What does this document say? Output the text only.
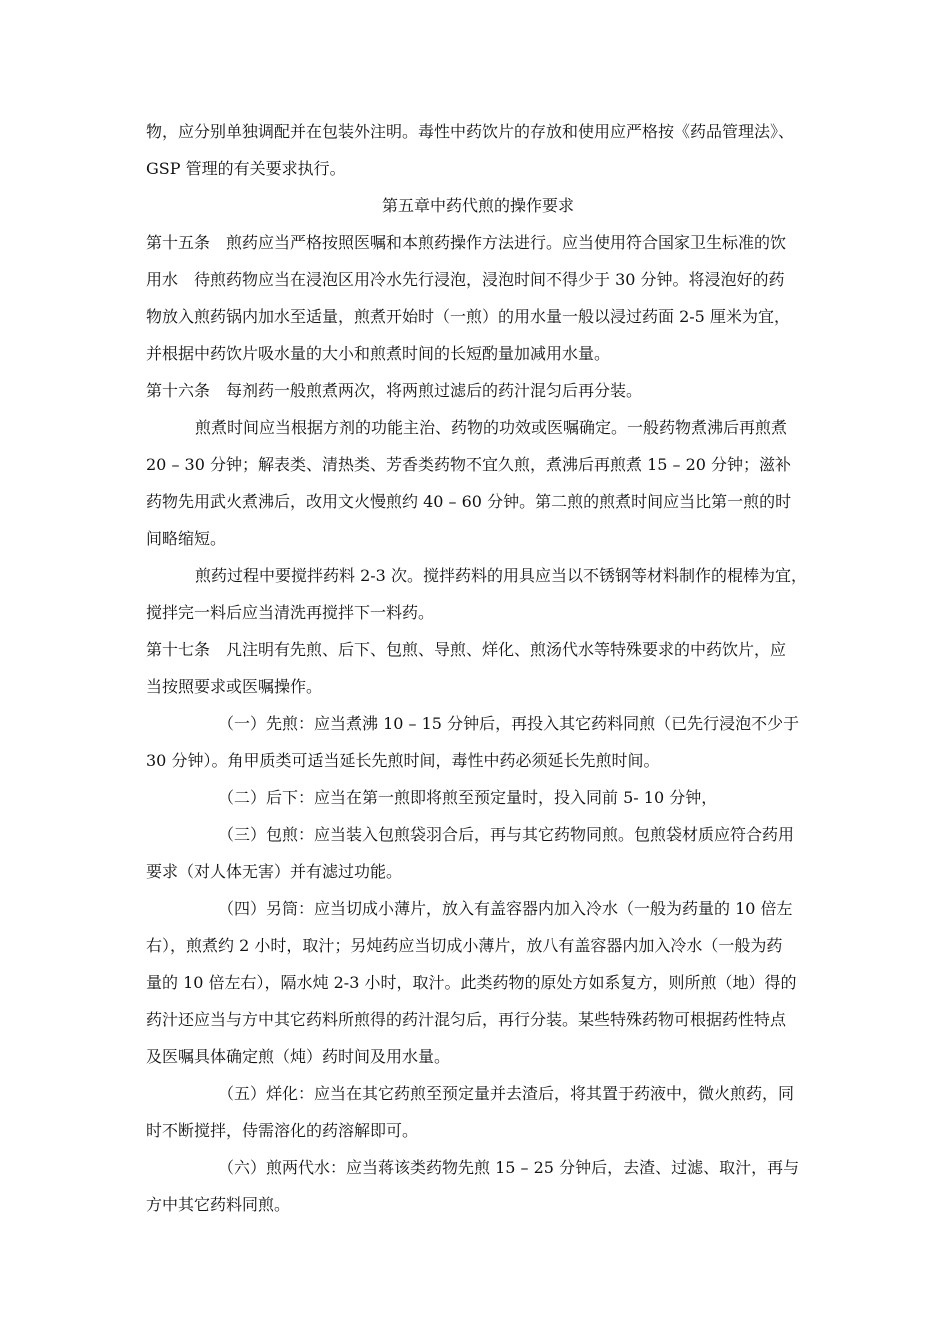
物，应分别单独调配并在包装外注明。毒性中药饮片的存放和使用应严格按《药品管理法》、
GSP 管理的有关要求执行。
第五章中药代煎的操作要求
第十五条　煎药应当严格按照医嘱和本煎药操作方法进行。应当使用符合国家卫生标准的饮
用水　待煎药物应当在浸泡区用冷水先行浸泡，浸泡时间不得少于 30 分钟。将浸泡好的药
物放入煎药锅内加水至适量，煎煮开始时（一煎）的用水量一般以浸过药面 2-5 厘米为宜，
并根据中药饮片吸水量的大小和煎煮时间的长短酌量加减用水量。
第十六条　每剂药一般煎煮两次，将两煎过滤后的药汁混匀后再分装。
煎煮时间应当根据方剂的功能主治、药物的功效或医嘱确定。一般药物煮沸后再煎煮
20 – 30 分钟；解表类、清热类、芳香类药物不宜久煎，煮沸后再煎煮 15 – 20 分钟；滋补
药物先用武火煮沸后，改用文火慢煎约 40 – 60 分钟。第二煎的煎煮时间应当比第一煎的时
间略缩短。
煎药过程中要搅拌药料 2-3 次。搅拌药料的用具应当以不锈钢等材料制作的棍棒为宜，
搅拌完一料后应当清洗再搅拌下一料药。
第十七条　凡注明有先煎、后下、包煎、导煎、烊化、煎汤代水等特殊要求的中药饮片，应
当按照要求或医嘱操作。
（一）先煎：应当煮沸 10 – 15 分钟后，再投入其它药料同煎（已先行浸泡不少于
30 分钟）。角甲质类可适当延长先煎时间，毒性中药必须延长先煎时间。
（二）后下：应当在第一煎即将煎至预定量时，投入同前 5- 10 分钟，
（三）包煎：应当装入包煎袋羽合后，再与其它药物同煎。包煎袋材质应符合药用
要求（对人体无害）并有滤过功能。
（四）另筒：应当切成小薄片，放入有盖容器内加入冷水（一般为药量的 10 倍左
右），煎煮约 2 小时，取汁；另炖药应当切成小薄片，放八有盖容器内加入冷水（一般为药
量的 10 倍左右），隔水炖 2-3 小时，取汁。此类药物的原处方如系复方，则所煎（地）得的
药汁还应当与方中其它药料所煎得的药汁混匀后，再行分装。某些特殊药物可根据药性特点
及医嘱具体确定煎（炖）药时间及用水量。
（五）烊化：应当在其它药煎至预定量并去渣后，将其置于药液中，微火煎药，同
时不断搅拌，侍需溶化的药溶解即可。
（六）煎两代水：应当蒋该类药物先煎 15 – 25 分钟后，去渣、过滤、取汁，再与
方中其它药料同煎。
